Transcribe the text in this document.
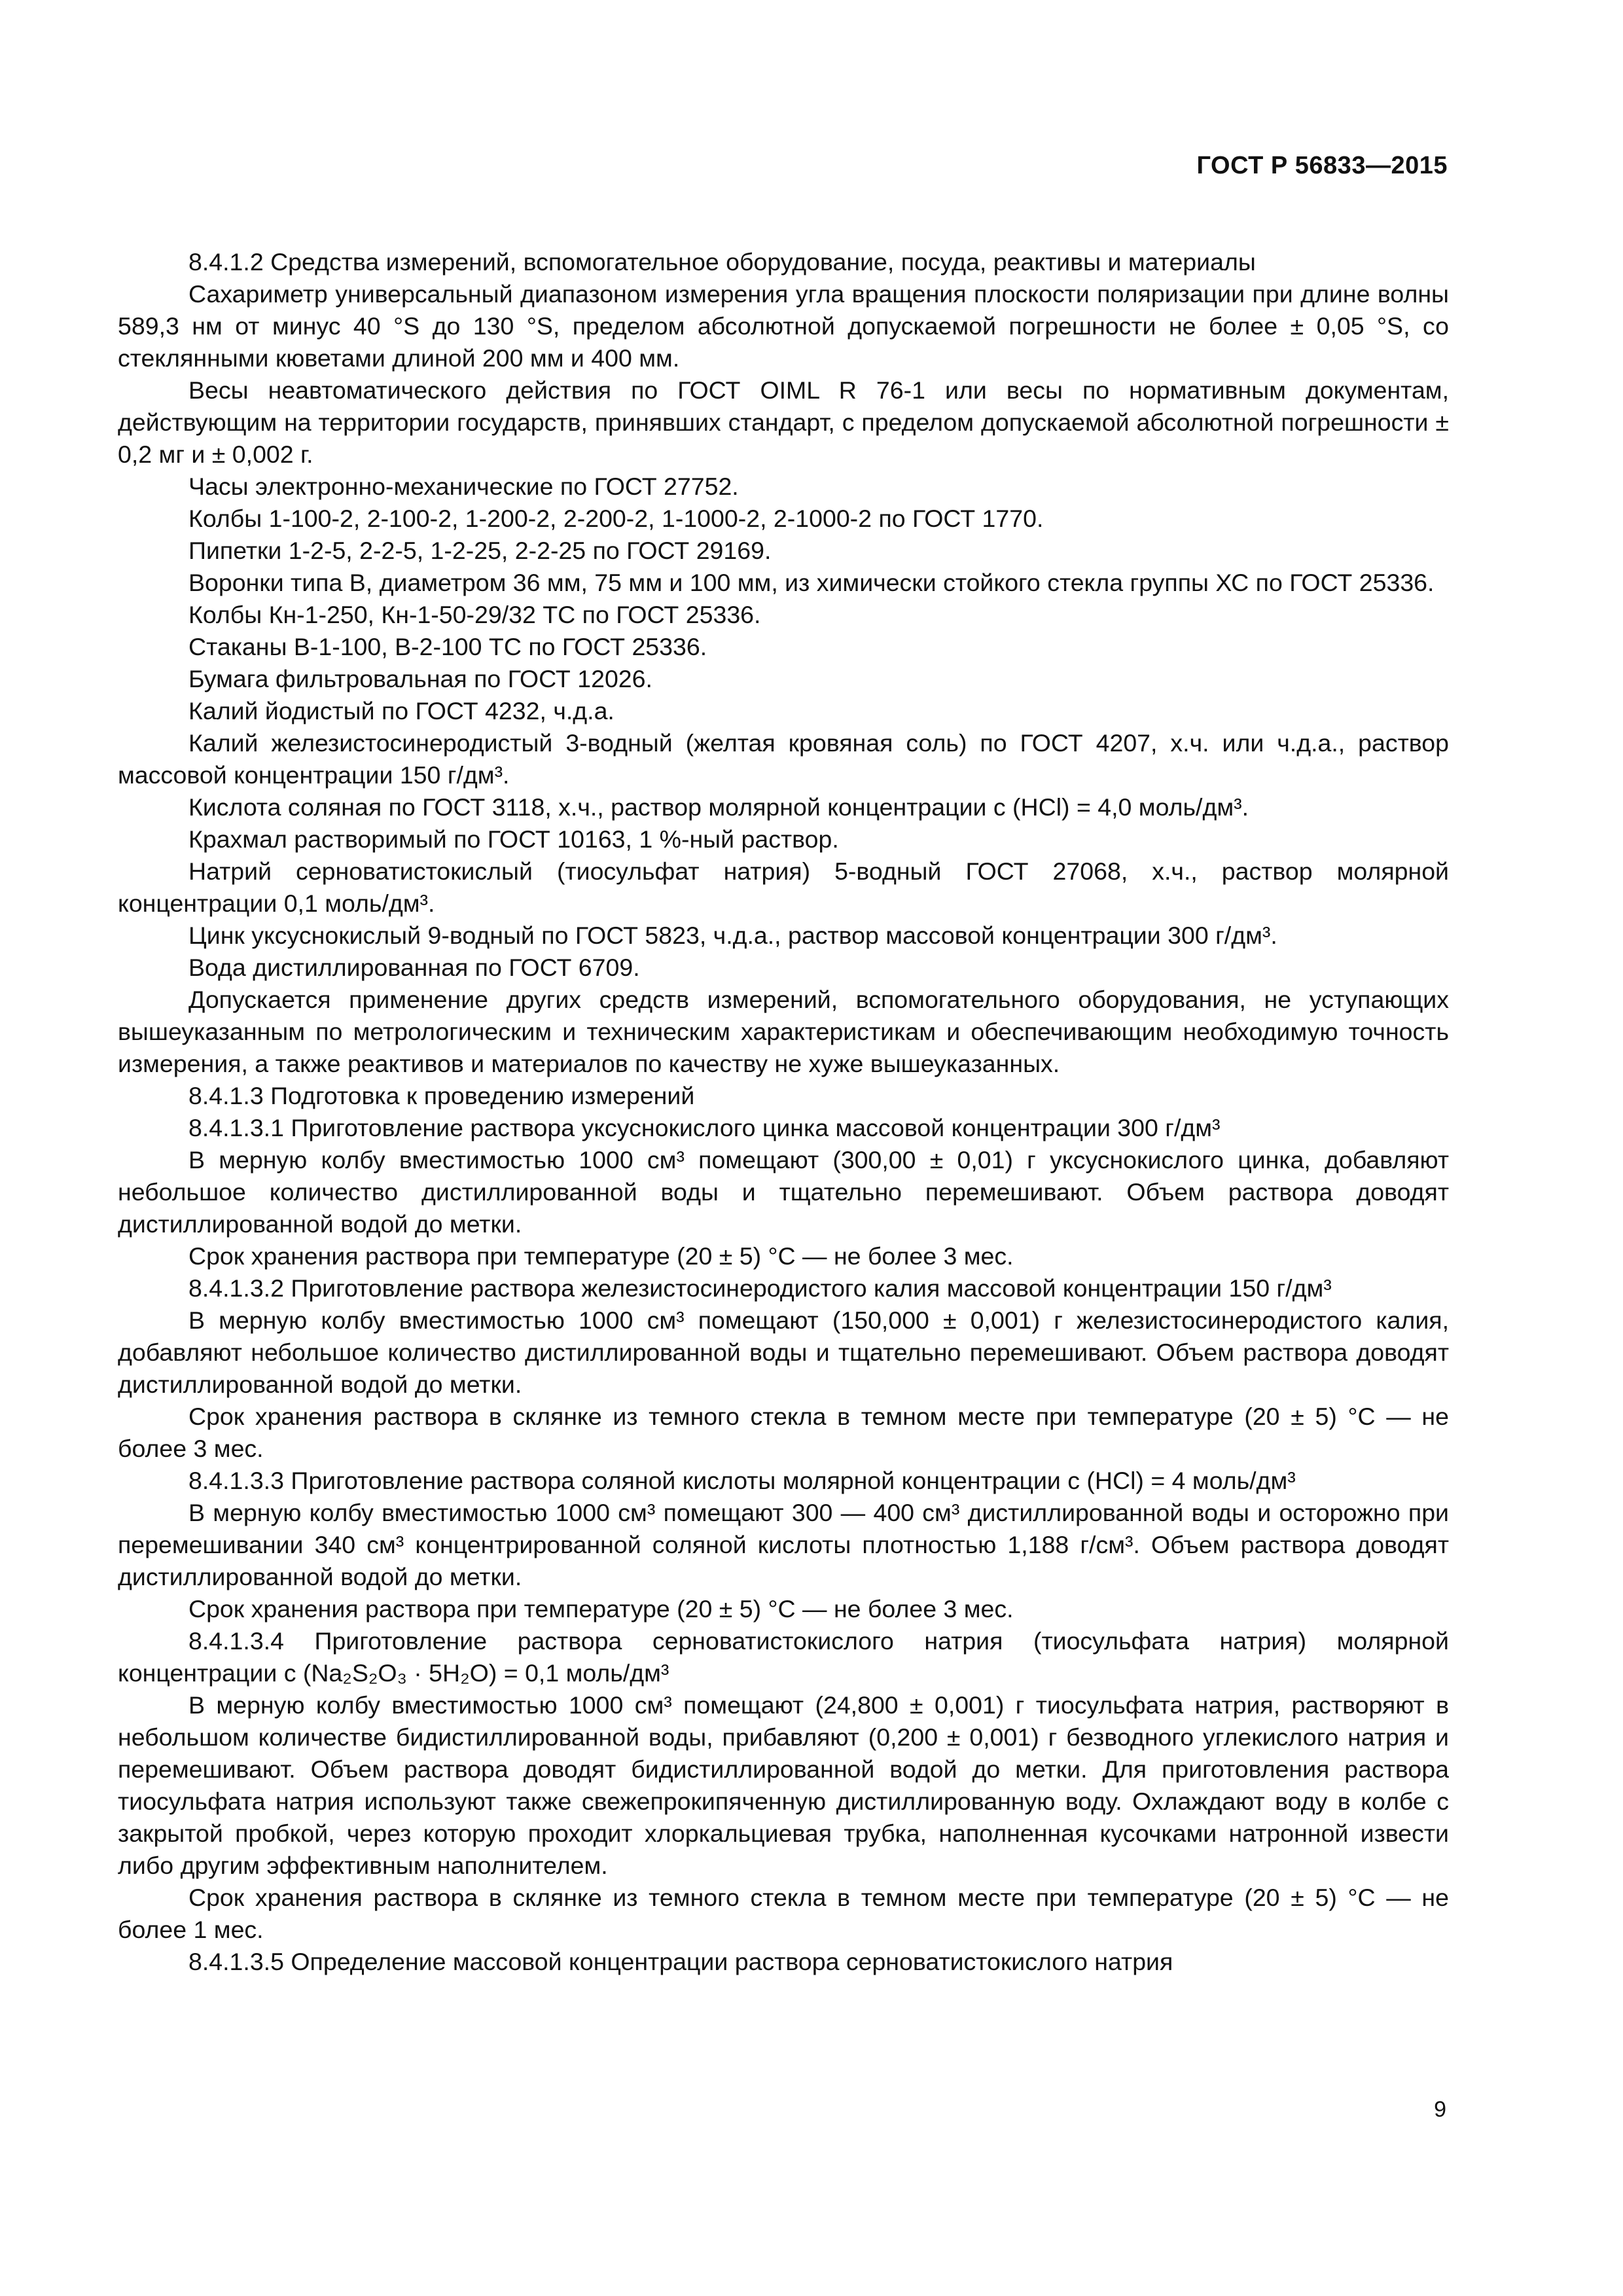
ГОСТ Р 56833—2015

8.4.1.2 Средства измерений, вспомогательное оборудование, посуда, реактивы и материалы

Сахариметр универсальный диапазоном измерения угла вращения плоскости поляризации при длине волны 589,3 нм от минус 40 °S до 130 °S, пределом абсолютной допускаемой погрешности не более ± 0,05 °S, со стеклянными кюветами длиной 200 мм и 400 мм.

Весы неавтоматического действия по ГОСТ OIML R 76-1 или весы по нормативным документам, действующим на территории государств, принявших стандарт, с пределом допускаемой абсолютной погрешности ± 0,2 мг и ± 0,002 г.

Часы электронно-механические по ГОСТ 27752.

Колбы 1-100-2, 2-100-2, 1-200-2, 2-200-2, 1-1000-2, 2-1000-2 по ГОСТ 1770.

Пипетки 1-2-5, 2-2-5, 1-2-25, 2-2-25 по ГОСТ 29169.

Воронки типа В, диаметром 36 мм, 75 мм и 100 мм, из химически стойкого стекла группы ХС по ГОСТ 25336.

Колбы Кн-1-250, Кн-1-50-29/32 ТС по ГОСТ 25336.

Стаканы В-1-100, В-2-100 ТС по ГОСТ 25336.

Бумага фильтровальная по ГОСТ 12026.

Калий йодистый по ГОСТ 4232, ч.д.а.

Калий железистосинеродистый 3-водный (желтая кровяная соль) по ГОСТ 4207, х.ч. или ч.д.а., раствор массовой концентрации 150 г/дм³.

Кислота соляная по ГОСТ 3118, х.ч., раствор молярной концентрации c (HCl) = 4,0 моль/дм³.

Крахмал растворимый по ГОСТ 10163, 1 %-ный раствор.

Натрий серноватистокислый (тиосульфат натрия) 5-водный ГОСТ 27068, х.ч., раствор молярной концентрации 0,1 моль/дм³.

Цинк уксуснокислый 9-водный по ГОСТ 5823, ч.д.а., раствор массовой концентрации 300 г/дм³.

Вода дистиллированная по ГОСТ 6709.

Допускается применение других средств измерений, вспомогательного оборудования, не уступающих вышеуказанным по метрологическим и техническим характеристикам и обеспечивающим необходимую точность измерения, а также реактивов и материалов по качеству не хуже вышеуказанных.

8.4.1.3 Подготовка к проведению измерений

8.4.1.3.1 Приготовление раствора уксуснокислого цинка массовой концентрации 300 г/дм³

В мерную колбу вместимостью 1000 см³ помещают (300,00 ± 0,01) г уксуснокислого цинка, добавляют небольшое количество дистиллированной воды и тщательно перемешивают. Объем раствора доводят дистиллированной водой до метки.

Срок хранения раствора при температуре (20 ± 5) °С — не более 3 мес.

8.4.1.3.2 Приготовление раствора железистосинеродистого калия массовой концентрации 150 г/дм³

В мерную колбу вместимостью 1000 см³ помещают (150,000 ± 0,001) г железистосинеродистого калия, добавляют небольшое количество дистиллированной воды и тщательно перемешивают. Объем раствора доводят дистиллированной водой до метки.

Срок хранения раствора в склянке из темного стекла в темном месте при температуре (20 ± 5) °С — не более 3 мес.

8.4.1.3.3 Приготовление раствора соляной кислоты молярной концентрации c (HCl) = 4 моль/дм³

В мерную колбу вместимостью 1000 см³ помещают 300 — 400 см³ дистиллированной воды и осторожно при перемешивании 340 см³ концентрированной соляной кислоты плотностью 1,188 г/см³. Объем раствора доводят дистиллированной водой до метки.

Срок хранения раствора при температуре (20 ± 5) °С — не более 3 мес.

8.4.1.3.4 Приготовление раствора серноватистокислого натрия (тиосульфата натрия) молярной концентрации c (Na₂S₂O₃ · 5H₂O) = 0,1 моль/дм³

В мерную колбу вместимостью 1000 см³ помещают (24,800 ± 0,001) г тиосульфата натрия, растворяют в небольшом количестве бидистиллированной воды, прибавляют (0,200 ± 0,001) г безводного углекислого натрия и перемешивают. Объем раствора доводят бидистиллированной водой до метки. Для приготовления раствора тиосульфата натрия используют также свежепрокипяченную дистиллированную воду. Охлаждают воду в колбе с закрытой пробкой, через которую проходит хлоркальциевая трубка, наполненная кусочками натронной извести либо другим эффективным наполнителем.

Срок хранения раствора в склянке из темного стекла в темном месте при температуре (20 ± 5) °С — не более 1 мес.

8.4.1.3.5 Определение массовой концентрации раствора серноватистокислого натрия

9
